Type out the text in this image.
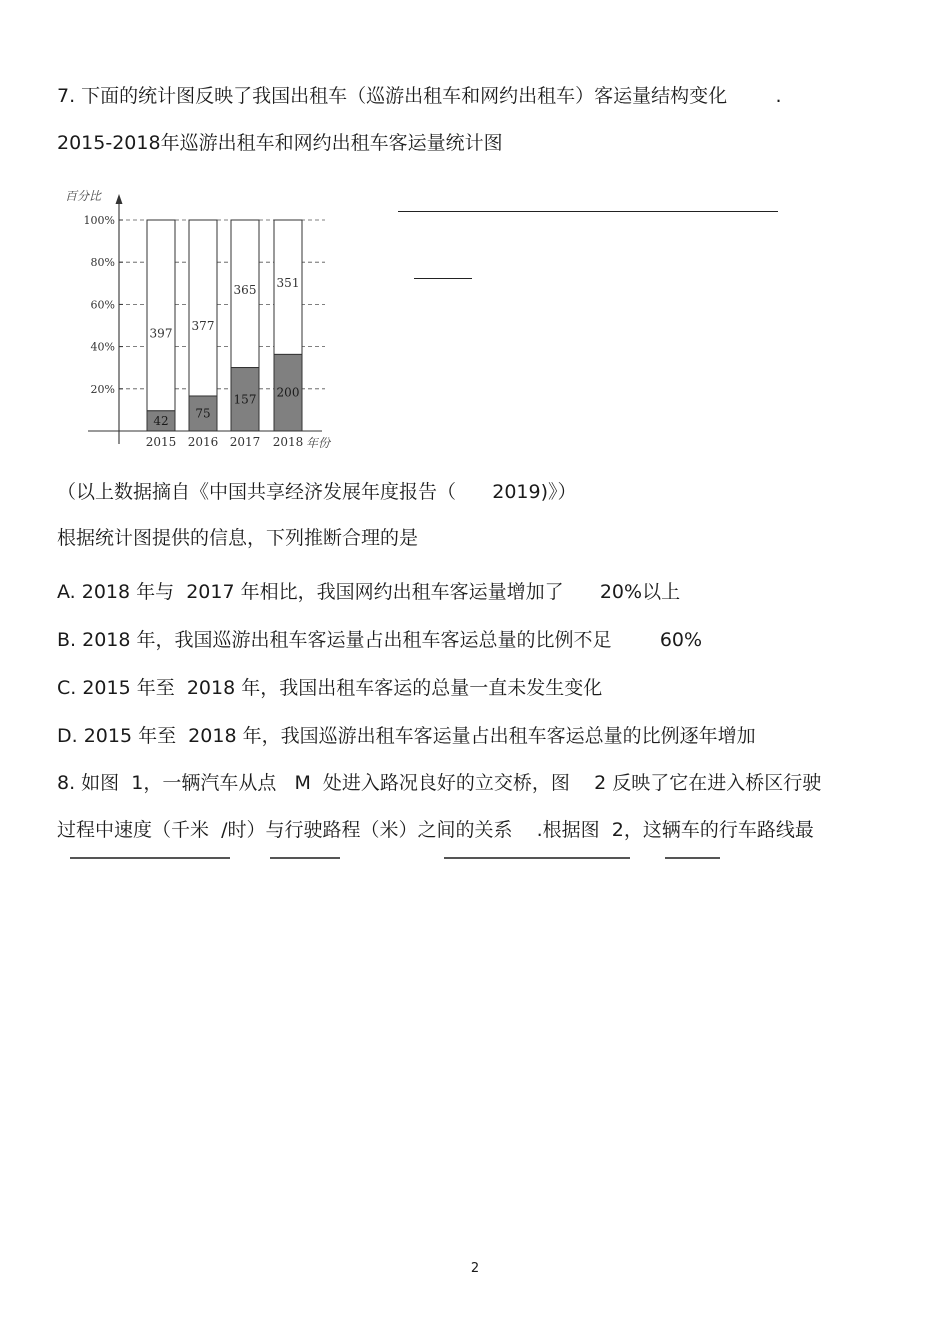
7. 下面的统计图反映了我国出租车（巡游出租车和网约出租车）客运量结构变化        .
2015-2018年巡游出租车和网约出租车客运量统计图
20%
40%
60%
80%
100%
百分比
年份
397
42
2015
377
75
2016
365
157
2017
351
200
2018
（以上数据摘自《中国共享经济发展年度报告（      2019)》）
根据统计图提供的信息，下列推断合理的是
A. 2018 年与  2017 年相比，我国网约出租车客运量增加了      20%以上
B. 2018 年，我国巡游出租车客运量占出租车客运总量的比例不足        60%
C. 2015 年至  2018 年，我国出租车客运的总量一直未发生变化
D. 2015 年至  2018 年，我国巡游出租车客运量占出租车客运总量的比例逐年增加
8. 如图  1，一辆汽车从点   M  处进入路况良好的立交桥，图    2 反映了它在进入桥区行驶
过程中速度（千米  /时）与行驶路程（米）之间的关系    .根据图  2，这辆车的行车路线最
2
